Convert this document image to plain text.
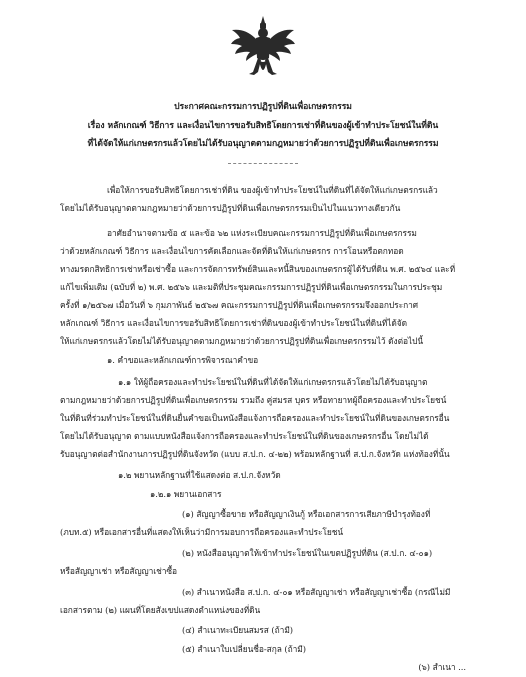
ประกาศคณะกรรมการปฏิรูปที่ดินเพื่อเกษตรกรรม
เรื่อง หลักเกณฑ์ วิธีการ และเงื่อนไขการขอรับสิทธิโดยการเช่าที่ดินของผู้เข้าทำประโยชน์ในที่ดิน
ที่ได้จัดให้แก่เกษตรกรแล้วโดยไม่ได้รับอนุญาตตามกฎหมายว่าด้วยการปฏิรูปที่ดินเพื่อเกษตรกรรม
เพื่อให้การขอรับสิทธิโดยการเช่าที่ดิน ของผู้เข้าทำประโยชน์ในที่ดินที่ได้จัดให้แก่เกษตรกรแล้ว
โดยไม่ได้รับอนุญาตตามกฎหมายว่าด้วยการปฏิรูปที่ดินเพื่อเกษตรกรรมเป็นไปในแนวทางเดียวกัน
อาศัยอำนาจตามข้อ ๕ และข้อ ๖๒ แห่งระเบียบคณะกรรมการปฏิรูปที่ดินเพื่อเกษตรกรรม
ว่าด้วยหลักเกณฑ์ วิธีการ และเงื่อนไขการคัดเลือกและจัดที่ดินให้แก่เกษตรกร การโอนหรือตกทอด
ทางมรดกสิทธิการเช่าหรือเช่าซื้อ และการจัดการทรัพย์สินและหนี้สินของเกษตรกรผู้ได้รับที่ดิน พ.ศ. ๒๕๖๔ และที่
แก้ไขเพิ่มเติม (ฉบับที่ ๒) พ.ศ. ๒๕๖๖ และมติที่ประชุมคณะกรรมการปฏิรูปที่ดินเพื่อเกษตรกรรมในการประชุม
ครั้งที่ ๑/๒๕๖๗ เมื่อวันที่ ๖ กุมภาพันธ์ ๒๕๖๗ คณะกรรมการปฏิรูปที่ดินเพื่อเกษตรกรรมจึงออกประกาศ
หลักเกณฑ์ วิธีการ และเงื่อนไขการขอรับสิทธิโดยการเช่าที่ดินของผู้เข้าทำประโยชน์ในที่ดินที่ได้จัด
ให้แก่เกษตรกรแล้วโดยไม่ได้รับอนุญาตตามกฎหมายว่าด้วยการปฏิรูปที่ดินเพื่อเกษตรกรรมไว้ ดังต่อไปนี้
๑. คำขอและหลักเกณฑ์การพิจารณาคำขอ
๑.๑ ให้ผู้ถือครองและทำประโยชน์ในที่ดินที่ได้จัดให้แก่เกษตรกรแล้วโดยไม่ได้รับอนุญาต
ตามกฎหมายว่าด้วยการปฏิรูปที่ดินเพื่อเกษตรกรรม รวมถึง คู่สมรส บุตร หรือทายาทผู้ถือครองและทำประโยชน์
ในที่ดินที่ร่วมทำประโยชน์ในที่ดินยื่นคำขอเป็นหนังสือแจ้งการถือครองและทำประโยชน์ในที่ดินของเกษตรกรอื่น
โดยไม่ได้รับอนุญาต ตามแบบหนังสือแจ้งการถือครองและทำประโยชน์ในที่ดินของเกษตรกรอื่น โดยไม่ได้
รับอนุญาตต่อสำนักงานการปฏิรูปที่ดินจังหวัด (แบบ ส.ป.ก. ๔-๒๒) พร้อมหลักฐานที่ ส.ป.ก.จังหวัด แห่งท้องที่นั้น
๑.๒ พยานหลักฐานที่ใช้แสดงต่อ ส.ป.ก.จังหวัด
๑.๒.๑ พยานเอกสาร
(๑) สัญญาซื้อขาย หรือสัญญาเงินกู้ หรือเอกสารการเสียภาษีบำรุงท้องที่
(ภบท.๕) หรือเอกสารอื่นที่แสดงให้เห็นว่ามีการมอบการถือครองและทำประโยชน์
(๒) หนังสืออนุญาตให้เข้าทำประโยชน์ในเขตปฏิรูปที่ดิน (ส.ป.ก. ๔-๐๑)
หรือสัญญาเช่า หรือสัญญาเช่าซื้อ
(๓) สำเนาหนังสือ ส.ป.ก. ๔-๐๑ หรือสัญญาเช่า หรือสัญญาเช่าซื้อ (กรณีไม่มี
เอกสารตาม (๒) แผนที่โดยสังเขปแสดงตำแหน่งของที่ดิน
(๔) สำเนาทะเบียนสมรส (ถ้ามี)
(๕) สำเนาใบเปลี่ยนชื่อ-สกุล (ถ้ามี)
(๖) สำเนา ...
